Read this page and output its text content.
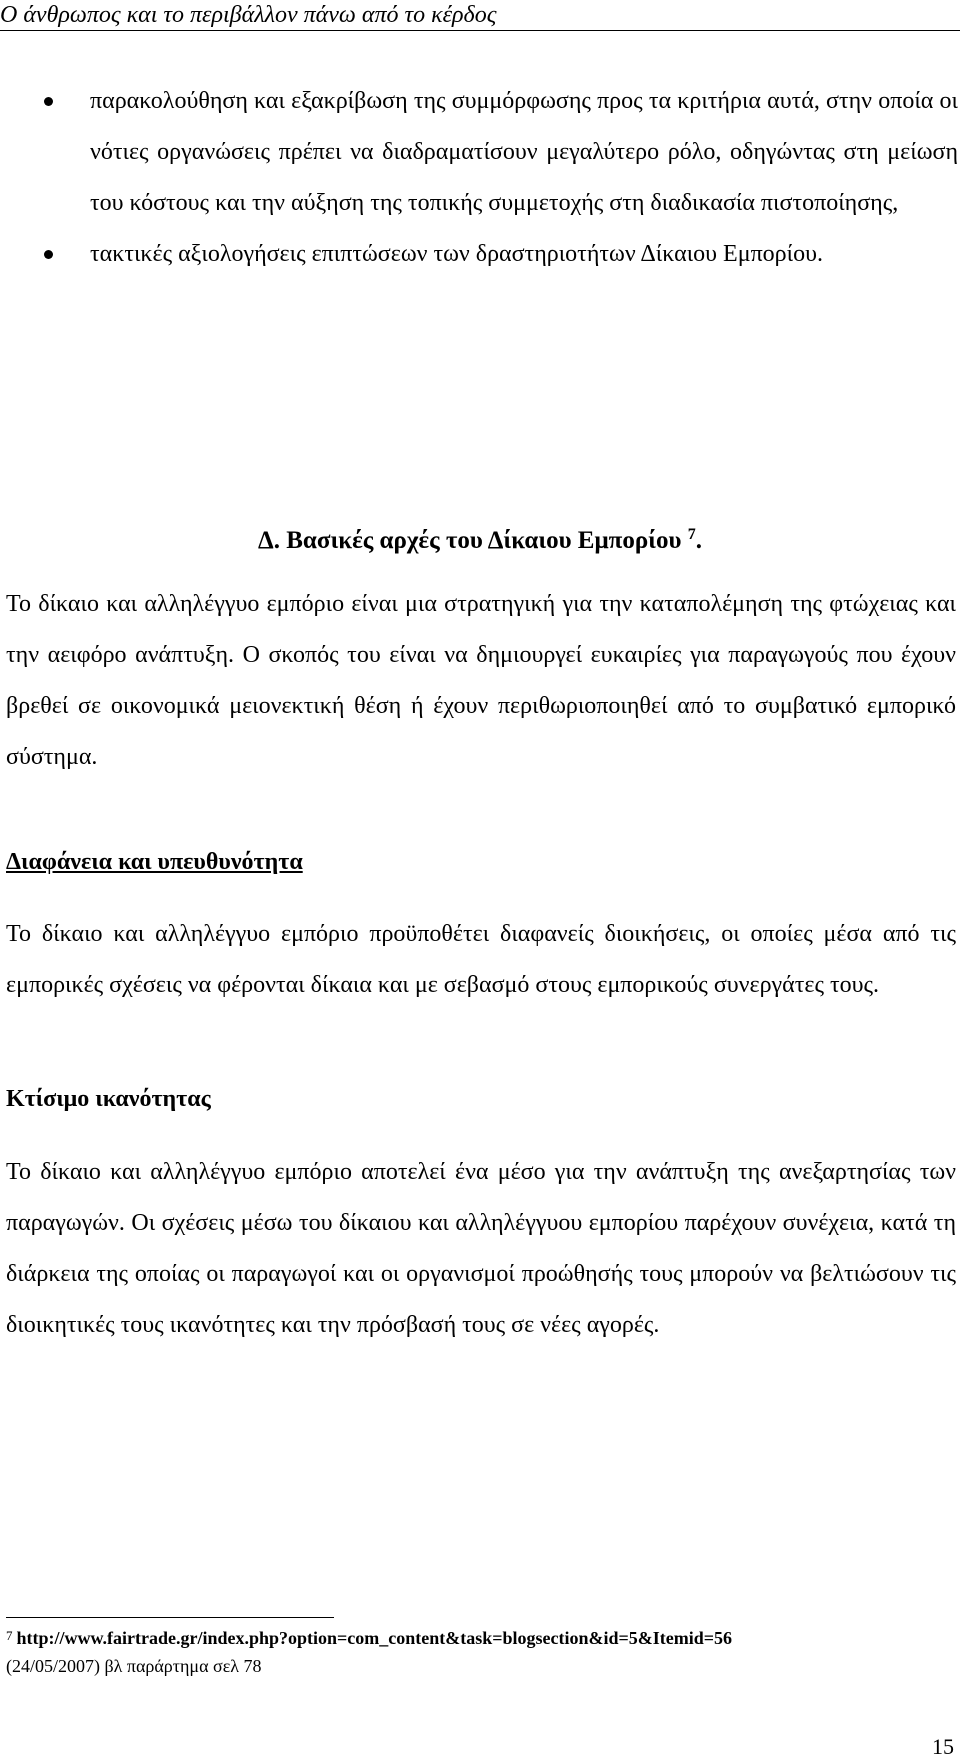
Ο άνθρωπος και το περιβάλλον πάνω από το κέρδος
παρακολούθηση και εξακρίβωση της συμμόρφωσης προς τα κριτήρια αυτά, στην οποία οι νότιες οργανώσεις πρέπει να διαδραματίσουν μεγαλύτερο ρόλο, οδηγώντας στη μείωση του κόστους και την αύξηση της τοπικής συμμετοχής στη διαδικασία πιστοποίησης,
τακτικές αξιολογήσεις επιπτώσεων των δραστηριοτήτων Δίκαιου Εμπορίου.
Δ. Βασικές αρχές του Δίκαιου Εμπορίου $^7$.

Το δίκαιο και αλληλέγγυο εμπόριο είναι μια στρατηγική για την καταπολέμηση της φτώχειας και την αειφόρο ανάπτυξη. Ο σκοπός του είναι να δημιουργεί ευκαιρίες για παραγωγούς που έχουν βρεθεί σε οικονομικά μειονεκτική θέση ή έχουν περιθωριοποιηθεί από το συμβατικό εμπορικό σύστημα.

Διαφάνεια και υπευθυνότητα

Το δίκαιο και αλληλέγγυο εμπόριο προϋποθέτει διαφανείς διοικήσεις, οι οποίες μέσα από τις εμπορικές σχέσεις να φέρονται δίκαια και με σεβασμό στους εμπορικούς συνεργάτες τους.

Κτίσιμο ικανότητας

Το δίκαιο και αλληλέγγυο εμπόριο αποτελεί ένα μέσο για την ανάπτυξη της ανεξαρτησίας των παραγωγών. Οι σχέσεις μέσω του δίκαιου και αλληλέγγυου εμπορίου παρέχουν συνέχεια, κατά τη διάρκεια της οποίας οι παραγωγοί και οι οργανισμοί προώθησής τους μπορούν να βελτιώσουν τις διοικητικές τους ικανότητες και την πρόσβασή τους σε νέες αγορές.

$^7$ http://www.fairtrade.gr/index.php?option=com_content&task=blogsection&id=5&Itemid=56
(24/05/2007) βλ παράρτημα σελ 78
15
